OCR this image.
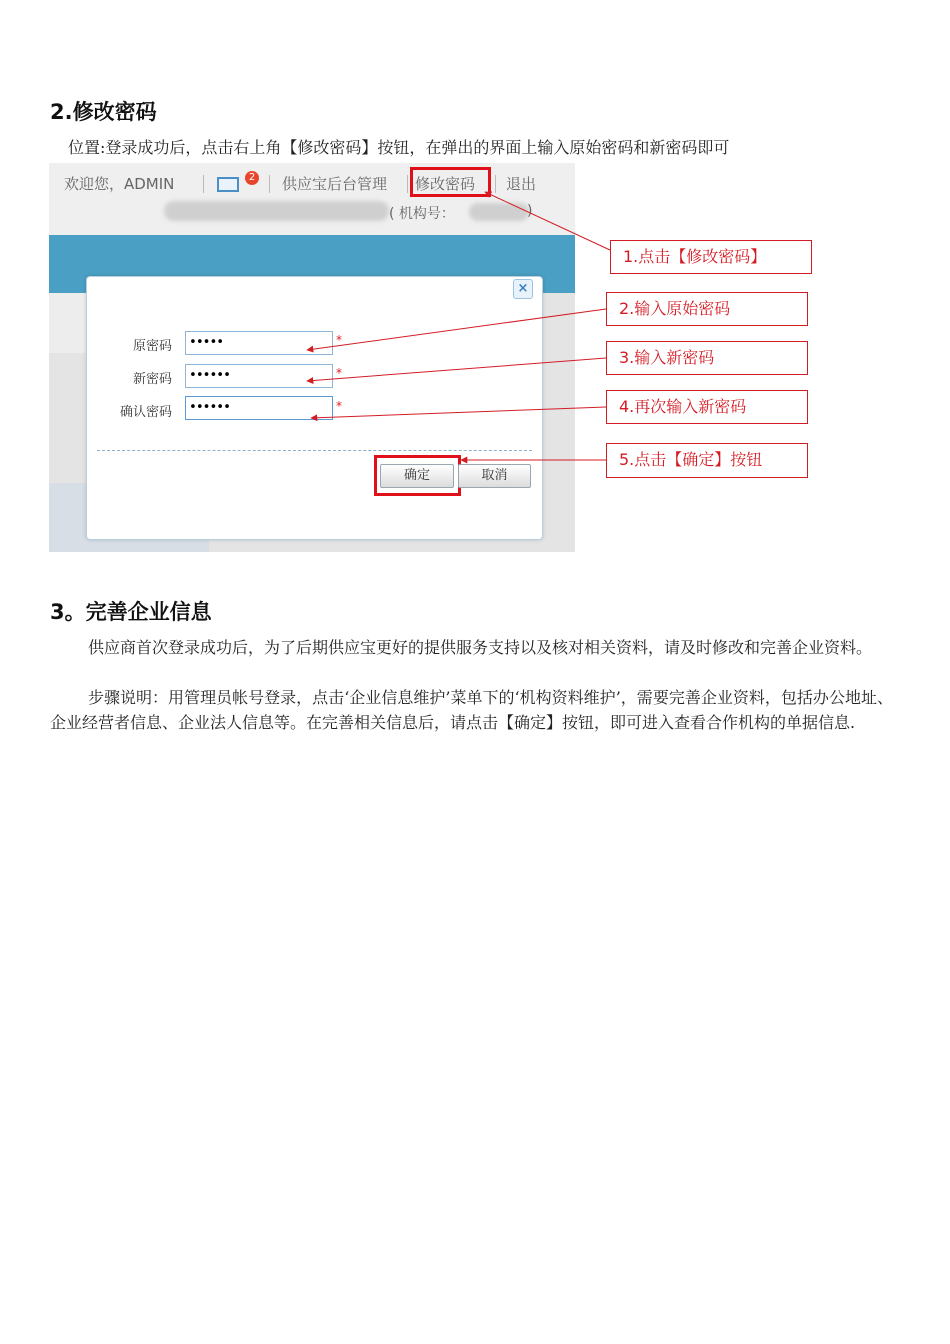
2.修改密码
位置:登录成功后，点击右上角【修改密码】按钮，在弹出的界面上输入原始密码和新密码即可
欢迎您，ADMIN	2 供应宝后台管理 修改密码 退出
( 机构号：	)
×
原密码	•••••	*
新密码	••••••	*
确认密码	••••••	*
确定	取消
1.点击【修改密码】
2.输入原始密码
3.输入新密码
4.再次输入新密码
5.点击【确定】按钮
3。完善企业信息
供应商首次登录成功后，为了后期供应宝更好的提供服务支持以及核对相关资料，请及时修改和完善企业资料。
步骤说明：用管理员帐号登录，点击‘企业信息维护’菜单下的‘机构资料维护’，需要完善企业资料，包括办公地址、企业经营者信息、企业法人信息等。在完善相关信息后，请点击【确定】按钮，即可进入查看合作机构的单据信息.
